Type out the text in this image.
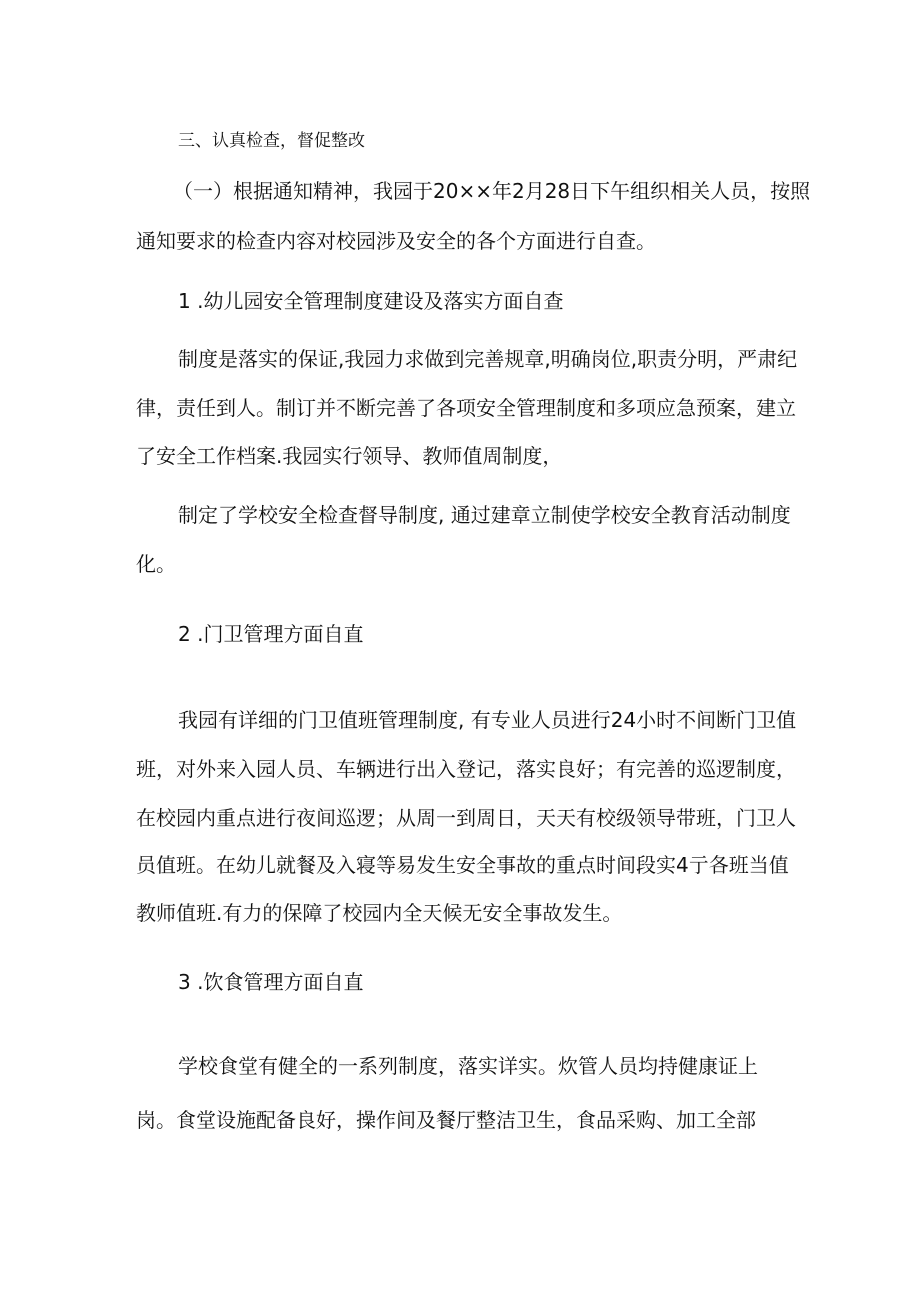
三、认真检查，督促整改
（一）根据通知精神，我园于20××年2月28日下午组织相关人员，按照
通知要求的检查内容对校园涉及安全的各个方面进行自查。
1 .幼儿园安全管理制度建设及落实方面自查
制度是落实的保证,我园力求做到完善规章,明确岗位,职责分明，严肃纪
律，责任到人。制订并不断完善了各项安全管理制度和多项应急预案，建立
了安全工作档案.我园实行领导、教师值周制度，
制定了学校安全检查督导制度, 通过建章立制使学校安全教育活动制度
化。
2 .门卫管理方面自直
我园有详细的门卫值班管理制度, 有专业人员进行24小时不间断门卫值
班，对外来入园人员、车辆进行出入登记，落实良好；有完善的巡逻制度，
在校园内重点进行夜间巡逻；从周一到周日，天天有校级领导带班，门卫人
员值班。在幼儿就餐及入寝等易发生安全事故的重点时间段实4亍各班当值
教师值班.有力的保障了校园内全天候无安全事故发生。
3 .饮食管理方面自直
学校食堂有健全的一系列制度，落实详实。炊管人员均持健康证上
岗。食堂设施配备良好，操作间及餐厅整洁卫生，食品采购、加工全部
